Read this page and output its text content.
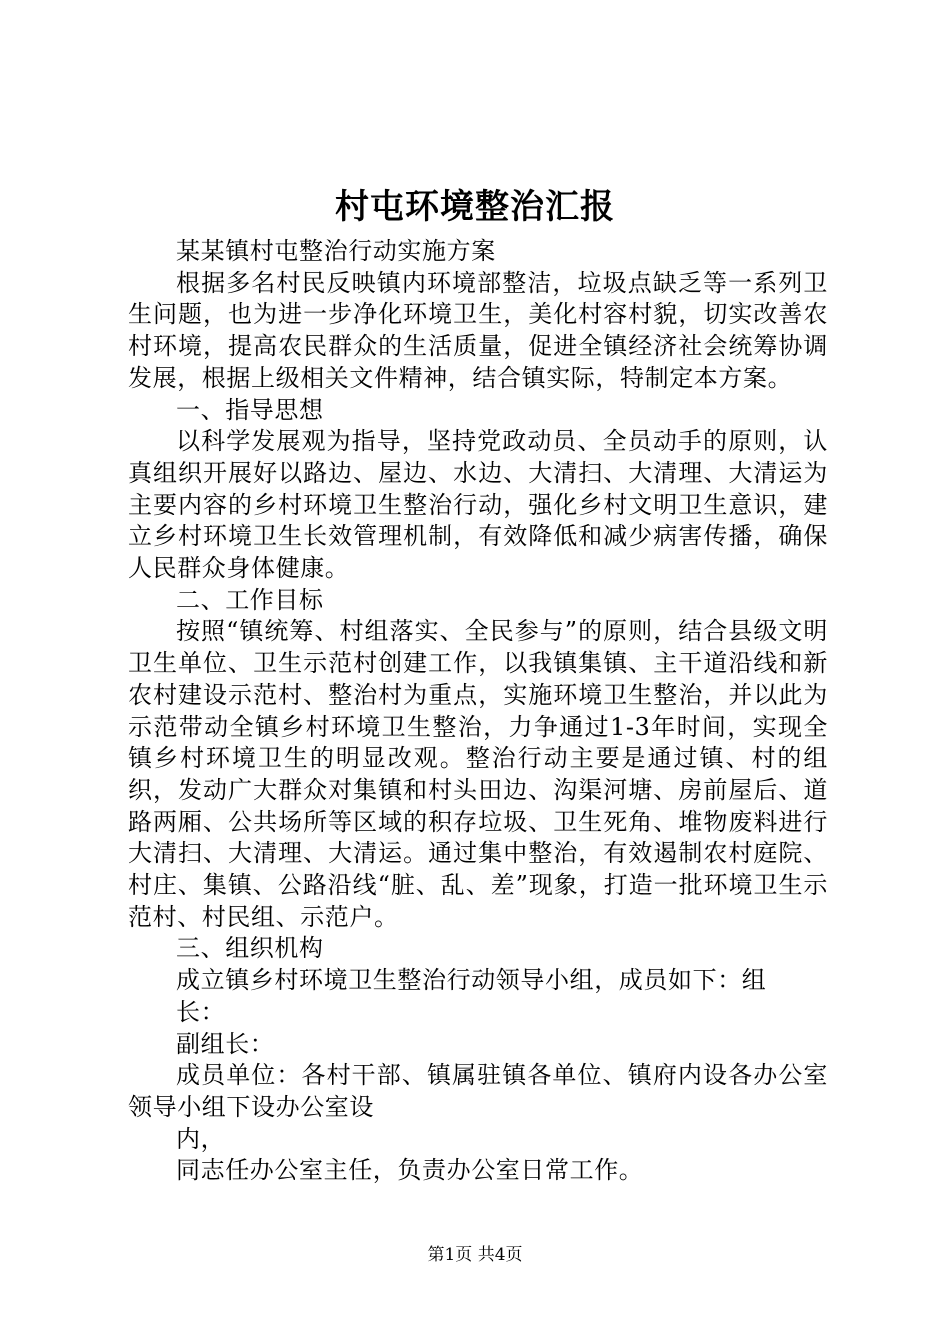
村屯环境整治汇报

某某镇村屯整治行动实施方案

根据多名村民反映镇内环境部整洁，垃圾点缺乏等一系列卫生问题，也为进一步净化环境卫生，美化村容村貌，切实改善农村环境，提高农民群众的生活质量，促进全镇经济社会统筹协调发展，根据上级相关文件精神，结合镇实际，特制定本方案。

一、指导思想

以科学发展观为指导，坚持党政动员、全员动手的原则，认真组织开展好以路边、屋边、水边、大清扫、大清理、大清运为主要内容的乡村环境卫生整治行动，强化乡村文明卫生意识，建立乡村环境卫生长效管理机制，有效降低和减少病害传播，确保人民群众身体健康。

二、工作目标

按照“镇统筹、村组落实、全民参与”的原则，结合县级文明卫生单位、卫生示范村创建工作，以我镇集镇、主干道沿线和新农村建设示范村、整治村为重点，实施环境卫生整治，并以此为示范带动全镇乡村环境卫生整治，力争通过1-3年时间，实现全镇乡村环境卫生的明显改观。整治行动主要是通过镇、村的组织，发动广大群众对集镇和村头田边、沟渠河塘、房前屋后、道路两厢、公共场所等区域的积存垃圾、卫生死角、堆物废料进行大清扫、大清理、大清运。通过集中整治，有效遏制农村庭院、村庄、集镇、公路沿线“脏、乱、差”现象，打造一批环境卫生示范村、村民组、示范户。

三、组织机构

成立镇乡村环境卫生整治行动领导小组，成员如下：组

长：

副组长：

成员单位：各村干部、镇属驻镇各单位、镇府内设各办公室领导小组下设办公室设

内，

同志任办公室主任，负责办公室日常工作。

第1页 共4页
